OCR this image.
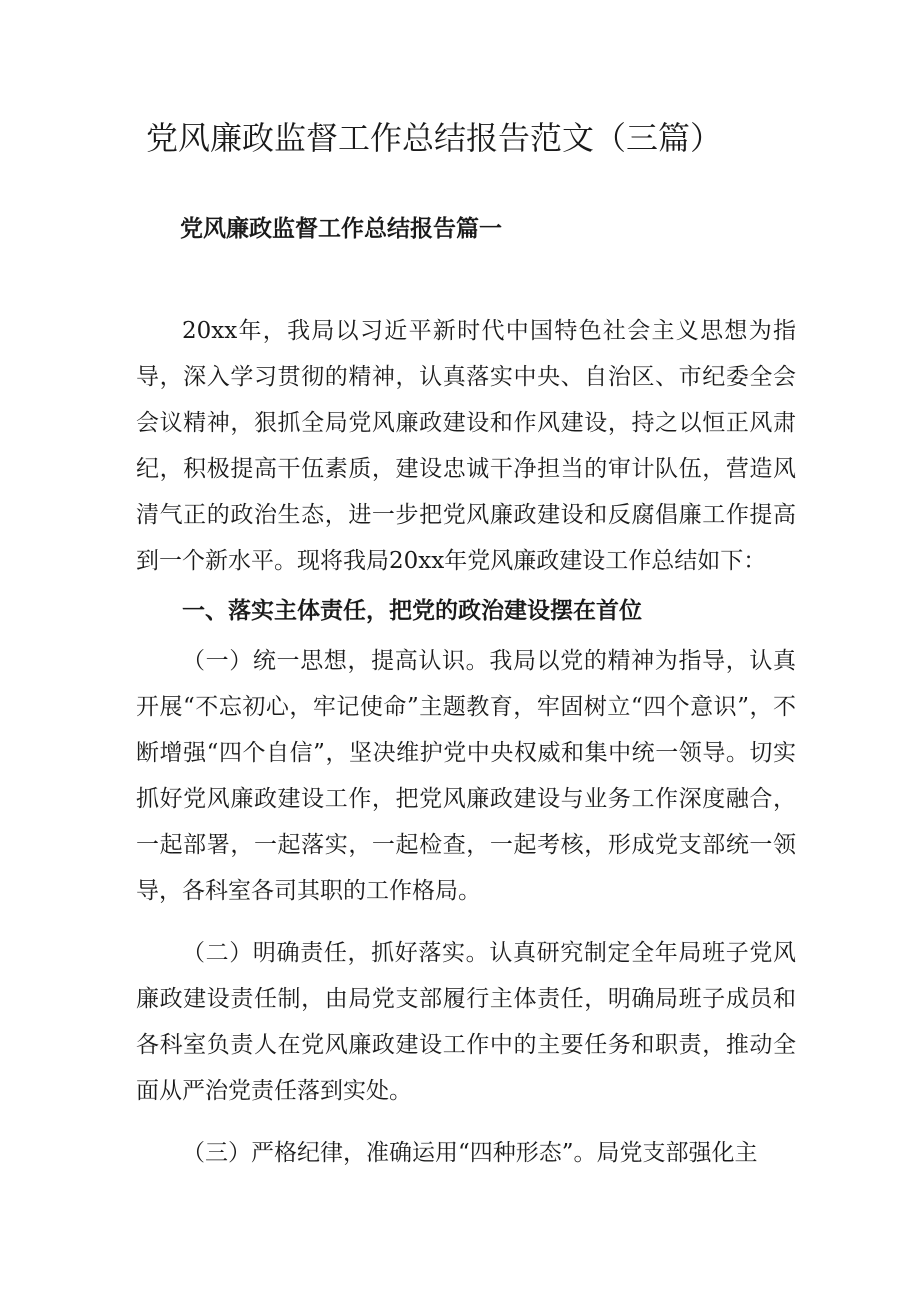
党风廉政监督工作总结报告范文（三篇）
党风廉政监督工作总结报告篇一

20xx年，我局以习近平新时代中国特色社会主义思想为指导，深入学习贯彻的精神，认真落实中央、自治区、市纪委全会会议精神，狠抓全局党风廉政建设和作风建设，持之以恒正风肃纪，积极提高干伍素质，建设忠诚干净担当的审计队伍，营造风清气正的政治生态，进一步把党风廉政建设和反腐倡廉工作提高到一个新水平。现将我局20xx年党风廉政建设工作总结如下：

一、落实主体责任，把党的政治建设摆在首位

（一）统一思想，提高认识。我局以党的精神为指导，认真开展“不忘初心，牢记使命”主题教育，牢固树立“四个意识”，不断增强“四个自信”，坚决维护党中央权威和集中统一领导。切实抓好党风廉政建设工作，把党风廉政建设与业务工作深度融合，一起部署，一起落实，一起检查，一起考核，形成党支部统一领导，各科室各司其职的工作格局。

（二）明确责任，抓好落实。认真研究制定全年局班子党风廉政建设责任制，由局党支部履行主体责任，明确局班子成员和各科室负责人在党风廉政建设工作中的主要任务和职责，推动全面从严治党责任落到实处。

（三）严格纪律，准确运用“四种形态”。局党支部强化主
